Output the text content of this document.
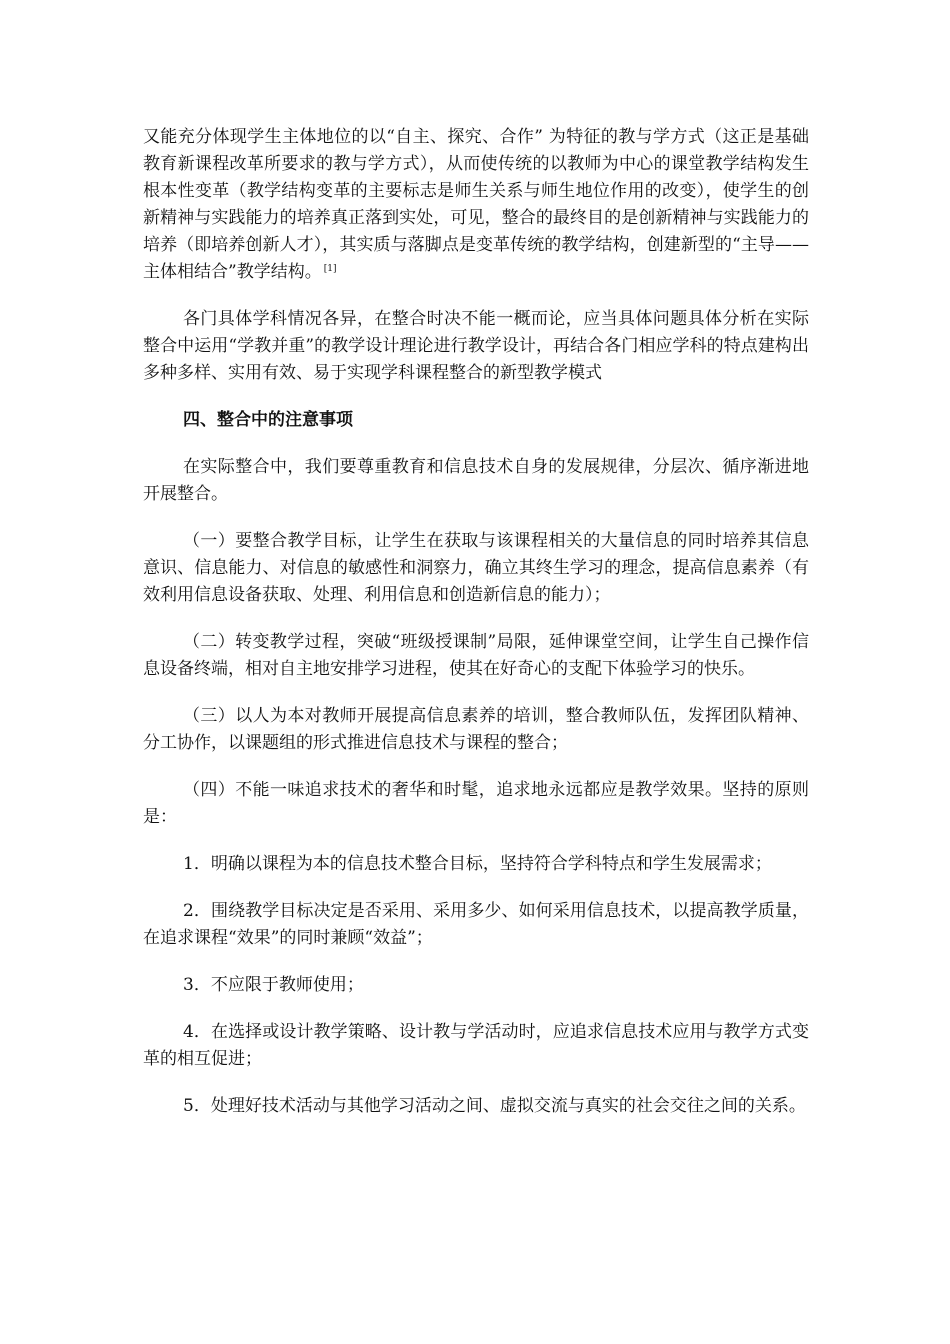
又能充分体现学生主体地位的以“自主、探究、合作” 为特征的教与学方式（这正是基础教育新课程改革所要求的教与学方式），从而使传统的以教师为中心的课堂教学结构发生根本性变革（教学结构变革的主要标志是师生关系与师生地位作用的改变），使学生的创新精神与实践能力的培养真正落到实处，可见，整合的最终目的是创新精神与实践能力的培养（即培养创新人才），其实质与落脚点是变革传统的教学结构，创建新型的“主导——主体相结合”教学结构。 [1]

各门具体学科情况各异，在整合时决不能一概而论，应当具体问题具体分析在实际整合中运用“学教并重”的教学设计理论进行教学设计，再结合各门相应学科的特点建构出多种多样、实用有效、易于实现学科课程整合的新型教学模式

四、整合中的注意事项

在实际整合中，我们要尊重教育和信息技术自身的发展规律，分层次、循序渐进地开展整合。

（一）要整合教学目标，让学生在获取与该课程相关的大量信息的同时培养其信息意识、信息能力、对信息的敏感性和洞察力，确立其终生学习的理念，提高信息素养（有效利用信息设备获取、处理、利用信息和创造新信息的能力）；

（二）转变教学过程，突破“班级授课制”局限，延伸课堂空间，让学生自己操作信息设备终端，相对自主地安排学习进程，使其在好奇心的支配下体验学习的快乐。

（三）以人为本对教师开展提高信息素养的培训，整合教师队伍，发挥团队精神、分工协作，以课题组的形式推进信息技术与课程的整合；

（四）不能一味追求技术的奢华和时髦，追求地永远都应是教学效果。坚持的原则是：

1．明确以课程为本的信息技术整合目标，坚持符合学科特点和学生发展需求；

2．围绕教学目标决定是否采用、采用多少、如何采用信息技术，以提高教学质量，在追求课程“效果”的同时兼顾“效益”；

3．不应限于教师使用；

4．在选择或设计教学策略、设计教与学活动时，应追求信息技术应用与教学方式变革的相互促进；

5．处理好技术活动与其他学习活动之间、虚拟交流与真实的社会交往之间的关系。
